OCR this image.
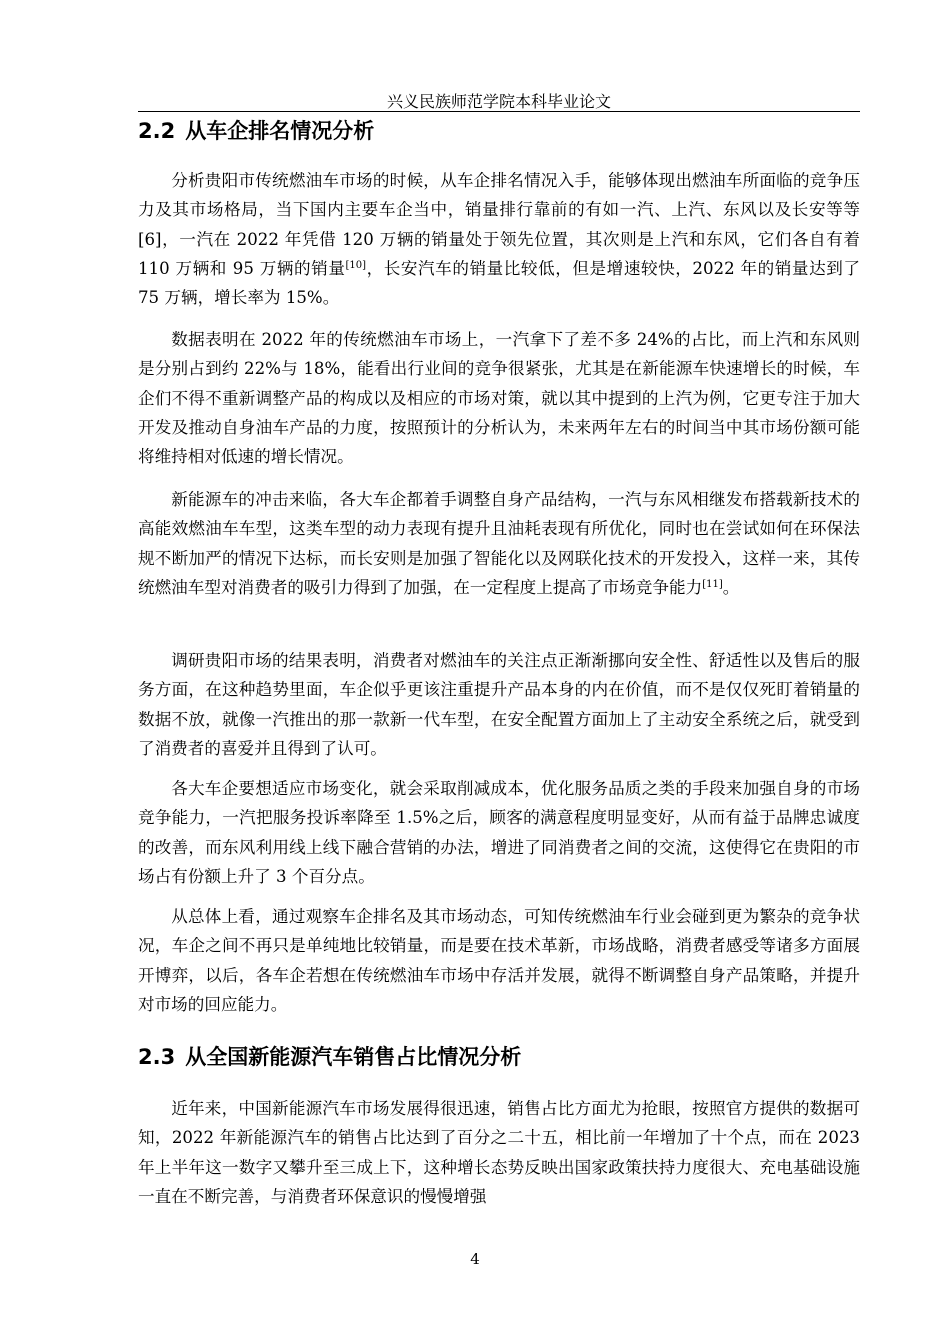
兴义民族师范学院本科毕业论文
2.2 从车企排名情况分析

分析贵阳市传统燃油车市场的时候，从车企排名情况入手，能够体现出燃油车所面临的竞争压力及其市场格局，当下国内主要车企当中，销量排行靠前的有如一汽、上汽、东风以及长安等等[6]，一汽在 2022 年凭借 120 万辆的销量处于领先位置，其次则是上汽和东风，它们各自有着 110 万辆和 95 万辆的销量[10]，长安汽车的销量比较低，但是增速较快，2022 年的销量达到了 75 万辆，增长率为 15%。

数据表明在 2022 年的传统燃油车市场上，一汽拿下了差不多 24%的占比，而上汽和东风则是分别占到约 22%与 18%，能看出行业间的竞争很紧张，尤其是在新能源车快速增长的时候，车企们不得不重新调整产品的构成以及相应的市场对策，就以其中提到的上汽为例，它更专注于加大开发及推动自身油车产品的力度，按照预计的分析认为，未来两年左右的时间当中其市场份额可能将维持相对低速的增长情况。

新能源车的冲击来临，各大车企都着手调整自身产品结构，一汽与东风相继发布搭载新技术的高能效燃油车车型，这类车型的动力表现有提升且油耗表现有所优化，同时也在尝试如何在环保法规不断加严的情况下达标，而长安则是加强了智能化以及网联化技术的开发投入，这样一来，其传统燃油车型对消费者的吸引力得到了加强，在一定程度上提高了市场竞争能力[11]。

调研贵阳市场的结果表明，消费者对燃油车的关注点正渐渐挪向安全性、舒适性以及售后的服务方面，在这种趋势里面，车企似乎更该注重提升产品本身的内在价值，而不是仅仅死盯着销量的数据不放，就像一汽推出的那一款新一代车型，在安全配置方面加上了主动安全系统之后，就受到了消费者的喜爱并且得到了认可。

各大车企要想适应市场变化，就会采取削减成本，优化服务品质之类的手段来加强自身的市场竞争能力，一汽把服务投诉率降至 1.5%之后，顾客的满意程度明显变好，从而有益于品牌忠诚度的改善，而东风利用线上线下融合营销的办法，增进了同消费者之间的交流，这使得它在贵阳的市场占有份额上升了 3 个百分点。

从总体上看，通过观察车企排名及其市场动态，可知传统燃油车行业会碰到更为繁杂的竞争状况，车企之间不再只是单纯地比较销量，而是要在技术革新，市场战略，消费者感受等诸多方面展开博弈，以后，各车企若想在传统燃油车市场中存活并发展，就得不断调整自身产品策略，并提升对市场的回应能力。

2.3 从全国新能源汽车销售占比情况分析

近年来，中国新能源汽车市场发展得很迅速，销售占比方面尤为抢眼，按照官方提供的数据可知，2022 年新能源汽车的销售占比达到了百分之二十五，相比前一年增加了十个点，而在 2023 年上半年这一数字又攀升至三成上下，这种增长态势反映出国家政策扶持力度很大、充电基础设施一直在不断完善，与消费者环保意识的慢慢增强

4
